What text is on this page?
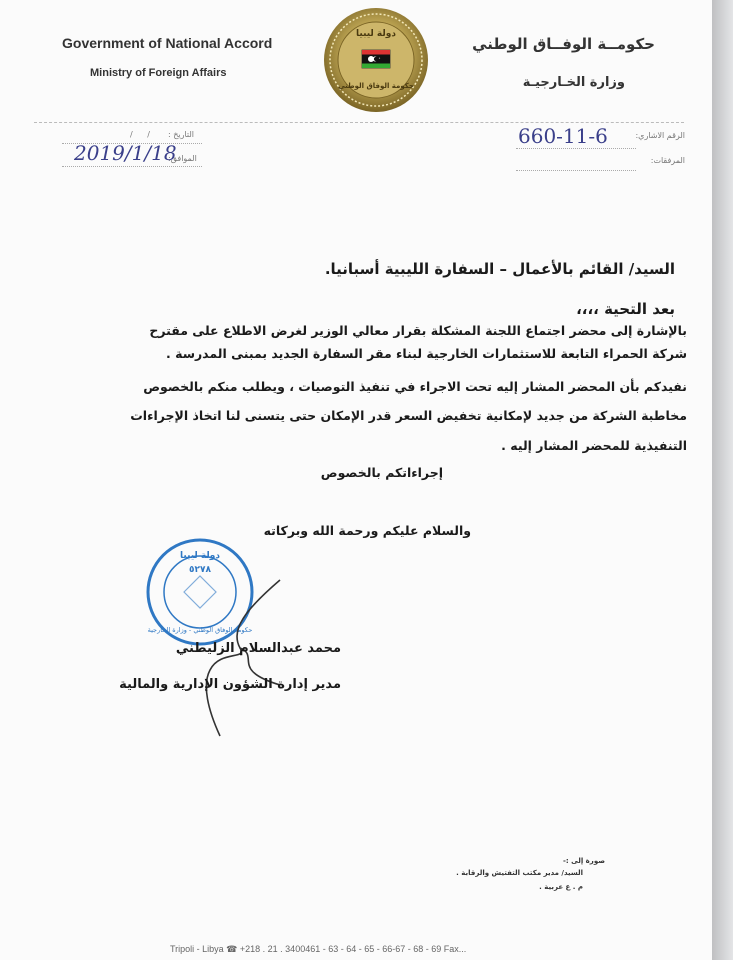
Government of National Accord
Ministry of Foreign Affairs
حكومــة الوفــاق الوطني
وزارة الخـارجيـة
دولة ليبيا
حكومة الوفاق الوطني
التاريخ :
/ /
الموافق:
2019/1/18
الرقم الاشاري:
660-11-6
المرفقات:
السيد/ القائم بالأعمال – السفارة الليبية أسبانيا.
بعد التحية ،،،،
بالإشارة إلى محضر اجتماع اللجنة المشكلة بقرار معالي الوزير لغرض الاطلاع على مقترح
شركة الحمراء التابعة للاستثمارات الخارجية لبناء مقر السفارة الجديد بمبنى المدرسة .
نفيدكم بأن المحضر المشار إليه تحت الاجراء في تنفيذ التوصيات ، ويطلب منكم بالخصوص
مخاطبة الشركة من جديد لإمكانية تخفيض السعر قدر الإمكان حتى يتسنى لنا اتخاذ الإجراءات
التنفيذية للمحضر المشار إليه .
إجراءاتكم بالخصوص
والسلام عليكم ورحمة الله وبركاته
دولة ليبيا
٥٢٧٨
حكومة الوفاق الوطني - وزارة الخارجية
محمد عبدالسلام الزليطني
مدير إدارة الشؤون الإدارية والمالية
صورة إلى :-
السيد/ مدير مكتب التفتيش والرقابة .
م . ع عربية .
Tripoli - Libya ☎ +218 . 21 . 3400461 - 63 - 64 - 65 - 66-67 - 68 - 69 Fax...
